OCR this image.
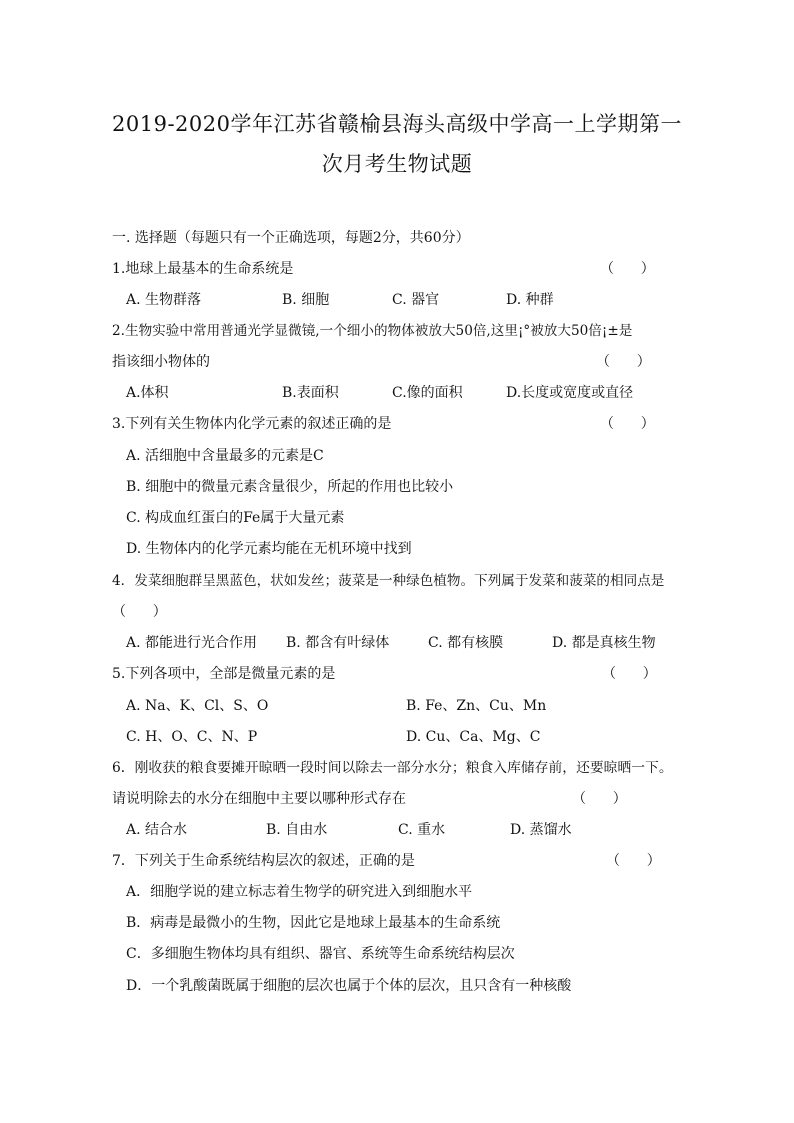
2019-2020学年江苏省赣榆县海头高级中学高一上学期第一
次月考生物试题
一. 选择题（每题只有一个正确选项，每题2分，共60分）
1.地球上最基本的生命系统是	（      ）
A. 生物群落	B. 细胞	C. 器官	D. 种群
2.生物实验中常用普通光学显微镜,一个细小的物体被放大50倍,这里¡°被放大50倍¡±是
指该细小物体的	（      ）
A.体积	B.表面积	C.像的面积	D.长度或宽度或直径
3.下列有关生物体内化学元素的叙述正确的是	（      ）
A. 活细胞中含量最多的元素是C
B. 细胞中的微量元素含量很少，所起的作用也比较小
C. 构成血红蛋白的Fe属于大量元素
D. 生物体内的化学元素均能在无机环境中找到
4．发菜细胞群呈黑蓝色，状如发丝；菠菜是一种绿色植物。下列属于发菜和菠菜的相同点是
（      ）
A. 都能进行光合作用 B. 都含有叶绿体	C. 都有核膜	D. 都是真核生物
5.下列各项中，全部是微量元素的是	（      ）
A. Na、K、Cl、S、O	B. Fe、Zn、Cu、Mn
C. H、O、C、N、P	D. Cu、Ca、Mg、C
6．刚收获的粮食要摊开晾晒一段时间以除去一部分水分；粮食入库储存前，还要晾晒一下。
请说明除去的水分在细胞中主要以哪种形式存在	（      ）
A. 结合水	B. 自由水	C. 重水	D. 蒸馏水
7．下列关于生命系统结构层次的叙述，正确的是	（      ）
A．细胞学说的建立标志着生物学的研究进入到细胞水平
B．病毒是最微小的生物，因此它是地球上最基本的生命系统
C．多细胞生物体均具有组织、器官、系统等生命系统结构层次
D．一个乳酸菌既属于细胞的层次也属于个体的层次，且只含有一种核酸
